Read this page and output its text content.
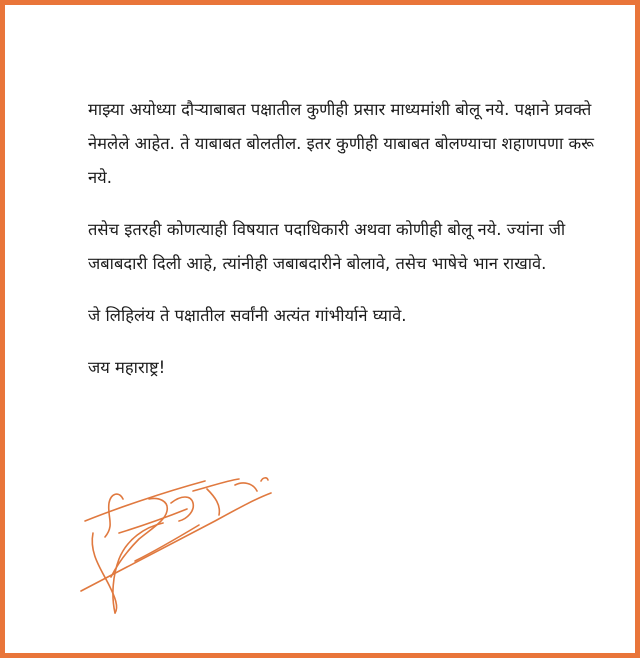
माझ्या अयोध्या दौऱ्याबाबत पक्षातील कुणीही प्रसार माध्यमांशी बोलू नये. पक्षाने प्रवक्ते नेमलेले आहेत. ते याबाबत बोलतील. इतर कुणीही याबाबत बोलण्याचा शहाणपणा करू नये.

तसेच इतरही कोणत्याही विषयात पदाधिकारी अथवा कोणीही बोलू नये. ज्यांना जी जबाबदारी दिली आहे, त्यांनीही जबाबदारीने बोलावे, तसेच भाषेचे भान राखावे.

जे लिहिलंय ते पक्षातील सर्वांनी अत्यंत गांभीर्याने घ्यावे.

जय महाराष्ट्र!
